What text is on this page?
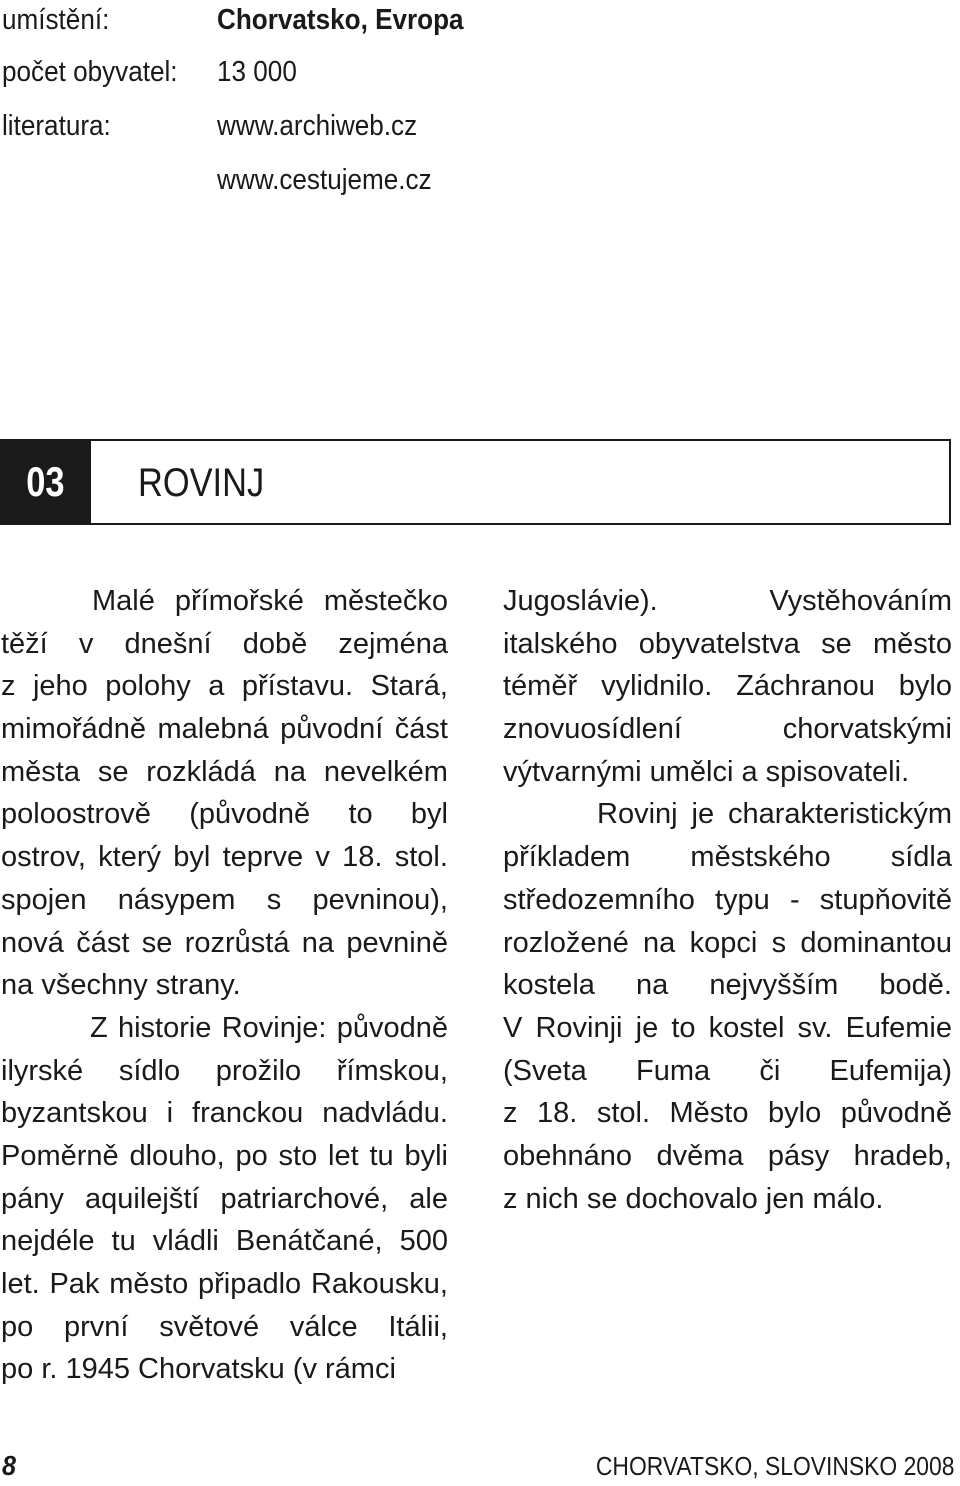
umístění:	Chorvatsko, Evropa
počet obyvatel: 13 000
literatura:	www.archiweb.cz
www.cestujeme.cz
03	ROVINJ
Malé přímořské městečko
těží v dnešní době zejména
z jeho polohy a přístavu. Stará,
mimořádně malebná původní část
města se rozkládá na nevelkém
poloostrově (původně to byl
ostrov, který byl teprve v 18. stol.
spojen násypem s pevninou),
nová část se rozrůstá na pevnině
na všechny strany.
Z historie Rovinje: původně
ilyrské sídlo prožilo římskou,
byzantskou i franckou nadvládu.
Poměrně dlouho, po sto let tu byli
pány aquilejští patriarchové, ale
nejdéle tu vládli Benátčané, 500
let. Pak město připadlo Rakousku,
po první světové válce Itálii,
po r. 1945 Chorvatsku (v rámci
Jugoslávie).	Vystěhováním
italského obyvatelstva se město
téměř vylidnilo. Záchranou bylo
znovuosídlení	chorvatskými
výtvarnými umělci a spisovateli.
Rovinj je charakteristickým
příkladem městského sídla
středozemního typu - stupňovitě
rozložené na kopci s dominantou
kostela na nejvyšším bodě.
V Rovinji je to kostel sv. Eufemie
(Sveta Fuma či Eufemija)
z 18. stol. Město bylo původně
obehnáno dvěma pásy hradeb,
z nich se dochovalo jen málo.
8	CHORVATSKO, SLOVINSKO 2008
